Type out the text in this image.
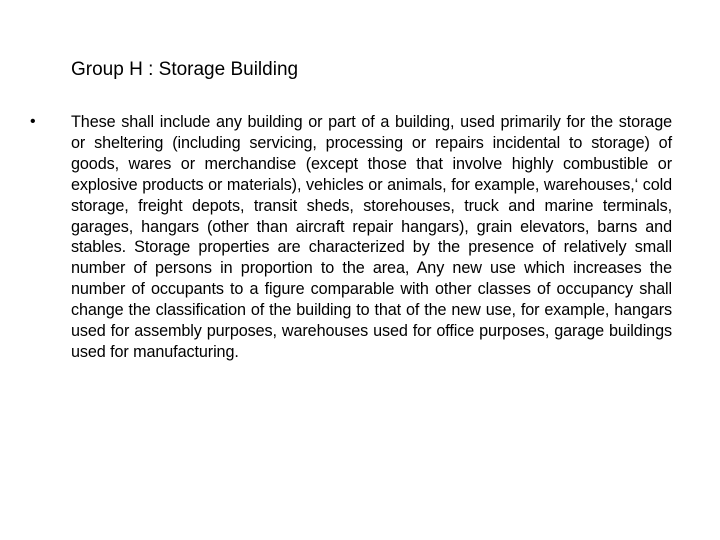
Group H : Storage Building
• These shall include any building or part of a building, used primarily for the storage or sheltering (including servicing, processing or repairs incidental to storage) of goods, wares or merchandise (except those that involve highly combustible or explosive products or materials), vehicles or animals, for example, warehouses,‘ cold storage, freight depots, transit sheds, storehouses, truck and marine terminals, garages, hangars (other than aircraft repair hangars), grain elevators, barns and stables. Storage properties are characterized by the presence of relatively small number of persons in proportion to the area, Any new use which increases the number of occupants to a figure comparable with other classes of occupancy shall change the classification of the building to that of the new use, for example, hangars used for assembly purposes, warehouses used for office purposes, garage buildings used for manufacturing.
